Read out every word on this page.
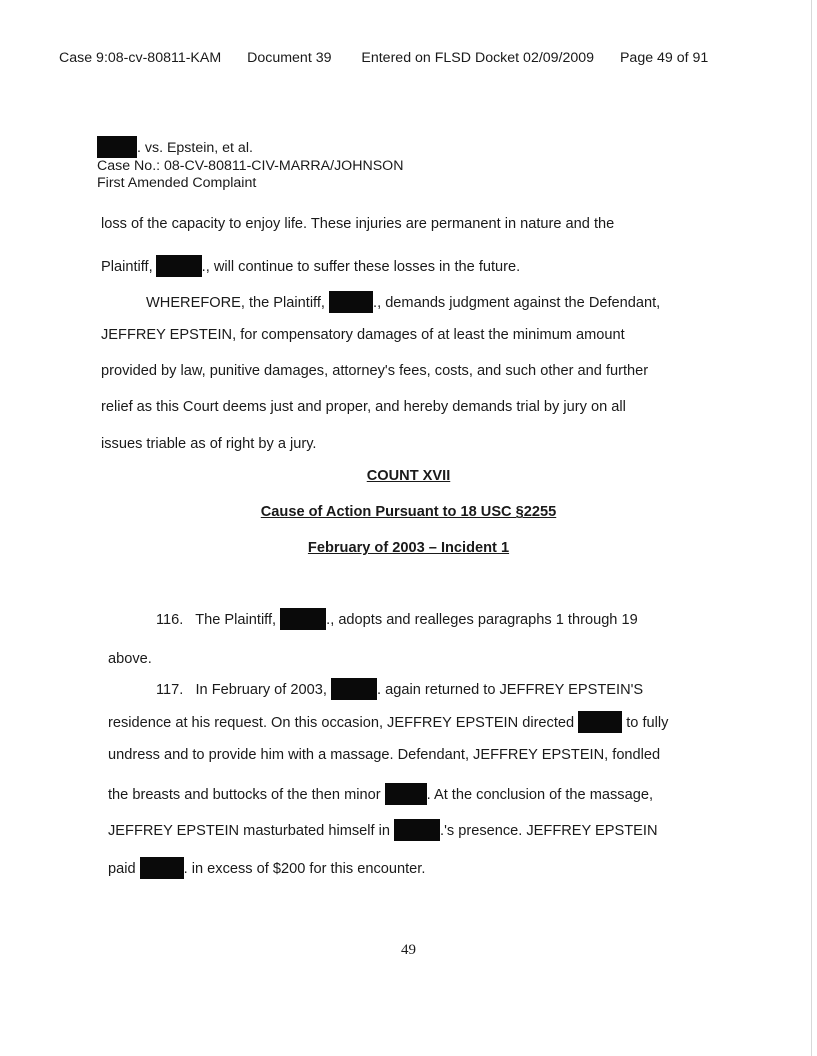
Case 9:08-cv-80811-KAM Document 39 Entered on FLSD Docket 02/09/2009 Page 49 of 91
. vs. Epstein, et al.
Case No.: 08-CV-80811-CIV-MARRA/JOHNSON
First Amended Complaint
loss of the capacity to enjoy life. These injuries are permanent in nature and the
Plaintiff,	., will continue to suffer these losses in the future.
WHEREFORE, the Plaintiff,	., demands judgment against the Defendant,
JEFFREY EPSTEIN, for compensatory damages of at least the minimum amount
provided by law, punitive damages, attorney's fees, costs, and such other and further
relief as this Court deems just and proper, and hereby demands trial by jury on all
issues triable as of right by a jury.
COUNT XVII
Cause of Action Pursuant to 18 USC §2255
February of 2003 – Incident 1
116. The Plaintiff,	., adopts and realleges paragraphs 1 through 19
above.
117. In February of 2003,	. again returned to JEFFREY EPSTEIN'S
residence at his request. On this occasion, JEFFREY EPSTEIN directed	to fully
undress and to provide him with a massage. Defendant, JEFFREY EPSTEIN, fondled
the breasts and buttocks of the then minor	. At the conclusion of the massage,
JEFFREY EPSTEIN masturbated himself in	.'s presence. JEFFREY EPSTEIN
paid	. in excess of $200 for this encounter.
49
